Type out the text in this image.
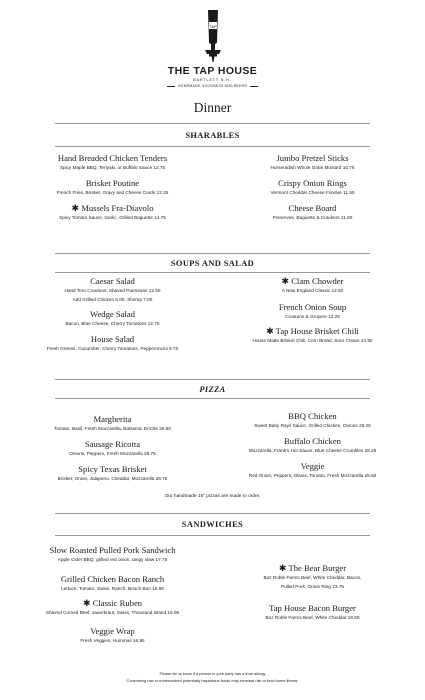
TAP
THE TAP HOUSE
BARTLETT N.H.
HOMEMADE GOODNESS AND BEERS
Dinner
SHARABLES
Hand Breaded Chicken Tenders
Spicy Maple BBQ, Teriyaki, or Buffalo Sauce 12.75
Brisket Poutine
French Fries, Brisket, Gravy and Cheese Curds 12.25
✱ Mussels Fra-Diavolo
Spicy Tomato Sauce, Garlic, Grilled Baguette 14.75
Jumbo Pretzel Sticks
Horseradish Whole Grain Mustard 10.75
Crispy Onion Rings
Vermont Cheddar Cheese Fondue 11.50
Cheese Board
Preserves, Baguette & Crackers 11.50
SOUPS AND SALAD
Caesar Salad
Hand Torn Croutons, Shaved Parmesan 12.50
Add Grilled Chicken 6.00, Shrimp 7.00
Wedge Salad
Bacon, Blue Cheese, Cherry Tomatoes 12.75
House Salad
Fresh Greens, Cucumber, Cherry Tomatoes, Pepperoncini 9.75
✱ Clam Chowder
A New England Classic 12.50
French Onion Soup
Croutons & Gruyere 12.25
✱ Tap House Brisket Chili
House Made Brisket Chili, Corn Bread, Sour Cream 14.50
PIZZA
Margherita
Tomato, Basil, Fresh Mozzarella, Balsamic Drizzle 26.50
Sausage Ricotta
Onions, Peppers, Fresh Mozzarella 28.75
Spicy Texas Brisket
Brisket, Onion, Jalapeno, Cheddar, Mozzarella 28.75
BBQ Chicken
Sweet Baby Rays Sauce, Grilled Chicken, Onions 28.25
Buffalo Chicken
Mozzarella, Frank's Hot Sauce, Blue Cheese Crumbles 28.25
Veggie
Red Onion, Peppers, Olives, Tomato, Fresh Mozzarella 25.50
Our handmade 16" pizzas are made to order.
SANDWICHES
Slow Roasted Pulled Pork Sandwich
Apple Cider BBQ, grilled red onion, tangy slaw 17.75
Grilled Chicken Bacon Ranch
Lettuce, Tomato, Swiss, Ranch, Brioch Bun 16.95
✱ Classic Ruben
Shaved Corned Beef, sauerkraut, Swiss, Thousand Island 16.95
Veggie Wrap
Fresh Veggies, Hummus 16.95
✱ The Bear Burger
Boz Roble Farms Beef, White Cheddar, Bacon,
Pulled Pork, Onion Ring 23.75
Tap House Bacon Burger
Boz Roble Farms Beef, White Cheddar 19.50
Please let us know if a person in your party has a food allergy
Consuming raw or undercooked potentially hazardous foods may increase risk of food borne illness.
